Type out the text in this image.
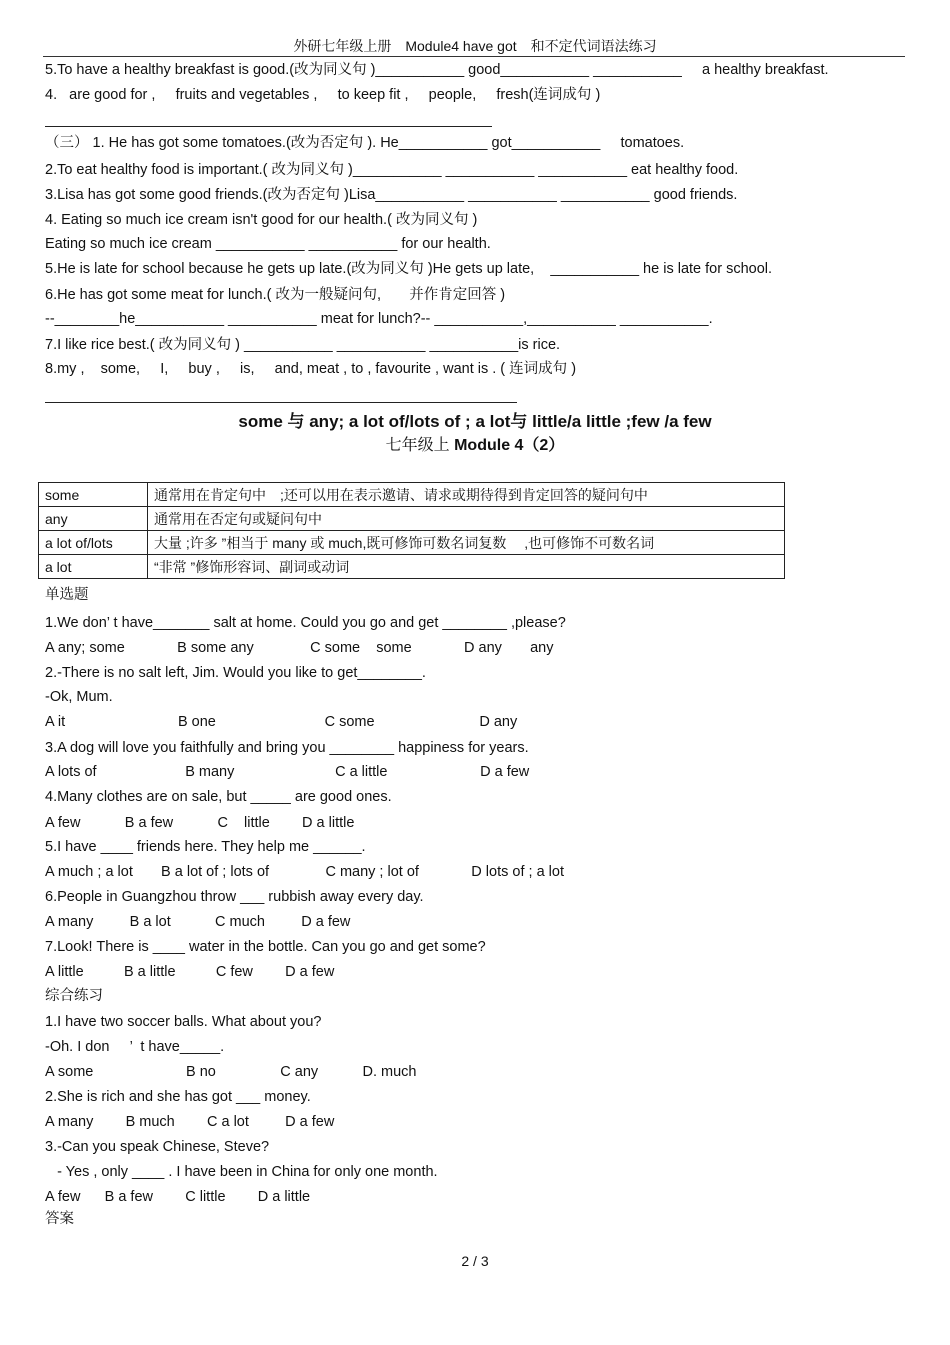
外研七年级上册　Module4 have got　和不定代词语法练习
5.To have a healthy breakfast is good.(改为同义句 )___________ good___________ ___________     a healthy breakfast.
4.   are good for ,     fruits and vegetables ,     to keep fit ,     people,     fresh(连词成句 )
（三） 1. He has got some tomatoes.(改为否定句 ). He___________ got___________     tomatoes.
2.To eat healthy food is important.( 改为同义句 )___________ ___________ ___________ eat healthy food.
3.Lisa has got some good friends.(改为否定句 )Lisa___________ ___________ ___________ good friends.
4. Eating so much ice cream isn't good for our health.( 改为同义句 )
Eating so much ice cream ___________ ___________ for our health.
5.He is late for school because he gets up late.(改为同义句 )He gets up late,    ___________ he is late for school.
6.He has got some meat for lunch.( 改为一般疑问句,       并作肯定回答 )
--________he___________ ___________ meat for lunch?-- ___________,___________ ___________.
7.I like rice best.( 改为同义句 ) ___________ ___________ ___________is rice.
8.my ,    some,     I,     buy ,     is,     and, meat , to , favourite , want is . ( 连词成句 )
some 与 any; a lot of/lots of ; a lot与 little/a little ;few /a few
七年级上 Module 4（2）
some	通常用在肯定句中　;还可以用在表示邀请、请求或期待得到肯定回答的疑问句中
any	通常用在否定句或疑问句中
a lot of/lots	大量 ;许多 ”相当于 many 或 much,既可修饰可数名词复数　 ,也可修饰不可数名词
a lot	“非常 ”修饰形容词、副词或动词
单选题
1.We don’ t have_______ salt at home. Could you go and get ________ ,please?
A any; some             B some any              C some    some             D any       any
2.-There is no salt left, Jim. Would you like to get________.
-Ok, Mum.
A it                            B one                           C some                          D any
3.A dog will love you faithfully and bring you ________ happiness for years.
A lots of                      B many                         C a little                       D a few
4.Many clothes are on sale, but _____ are good ones.
A few           B a few           C    little        D a little
5.I have ____ friends here. They help me ______.
A much ; a lot       B a lot of ; lots of              C many ; lot of             D lots of ; a lot
6.People in Guangzhou throw ___ rubbish away every day.
A many         B a lot           C much         D a few
7.Look! There is ____ water in the bottle. Can you go and get some?
A little          B a little          C few        D a few
综合练习
1.I have two soccer balls. What about you?
-Oh. I don     ’  t have_____.
A some                       B no                C any           D. much
2.She is rich and she has got ___ money.
A many        B much        C a lot         D a few
3.-Can you speak Chinese, Steve?
- Yes , only ____ . I have been in China for only one month.
A few      B a few        C little        D a little
答案
2 / 3
